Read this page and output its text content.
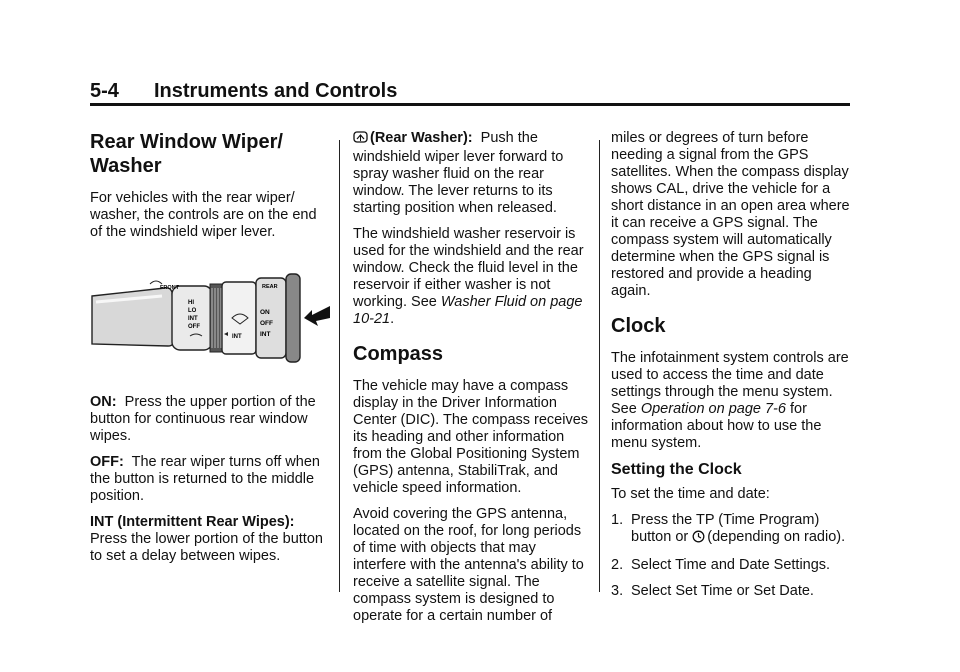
5-4 Instruments and Controls
Rear Window Wiper/
Washer

For vehicles with the rear wiper/ washer, the controls are on the end of the windshield wiper lever.

FRONT
HI
LO
INT
OFF
INT
REAR
ON
OFF
INT

ON: Press the upper portion of the button for continuous rear window wipes.

OFF: The rear wiper turns off when the button is returned to the middle position.

INT (Intermittent Rear Wipes):
Press the lower portion of the button to set a delay between wipes.

(Rear Washer): Push the windshield wiper lever forward to spray washer fluid on the rear window. The lever returns to its starting position when released.

The windshield washer reservoir is used for the windshield and the rear window. Check the fluid level in the reservoir if either washer is not working. See Washer Fluid on page 10-21.

Compass

The vehicle may have a compass display in the Driver Information Center (DIC). The compass receives its heading and other information from the Global Positioning System (GPS) antenna, StabiliTrak, and vehicle speed information.

Avoid covering the GPS antenna, located on the roof, for long periods of time with objects that may interfere with the antenna's ability to receive a satellite signal. The compass system is designed to operate for a certain number of

miles or degrees of turn before needing a signal from the GPS satellites. When the compass display shows CAL, drive the vehicle for a short distance in an open area where it can receive a GPS signal. The compass system will automatically determine when the GPS signal is restored and provide a heading again.

Clock

The infotainment system controls are used to access the time and date settings through the menu system. See Operation on page 7-6 for information about how to use the menu system.

Setting the Clock

To set the time and date:

1. Press the TP (Time Program) button or (depending on radio).
2. Select Time and Date Settings.
3. Select Set Time or Set Date.
